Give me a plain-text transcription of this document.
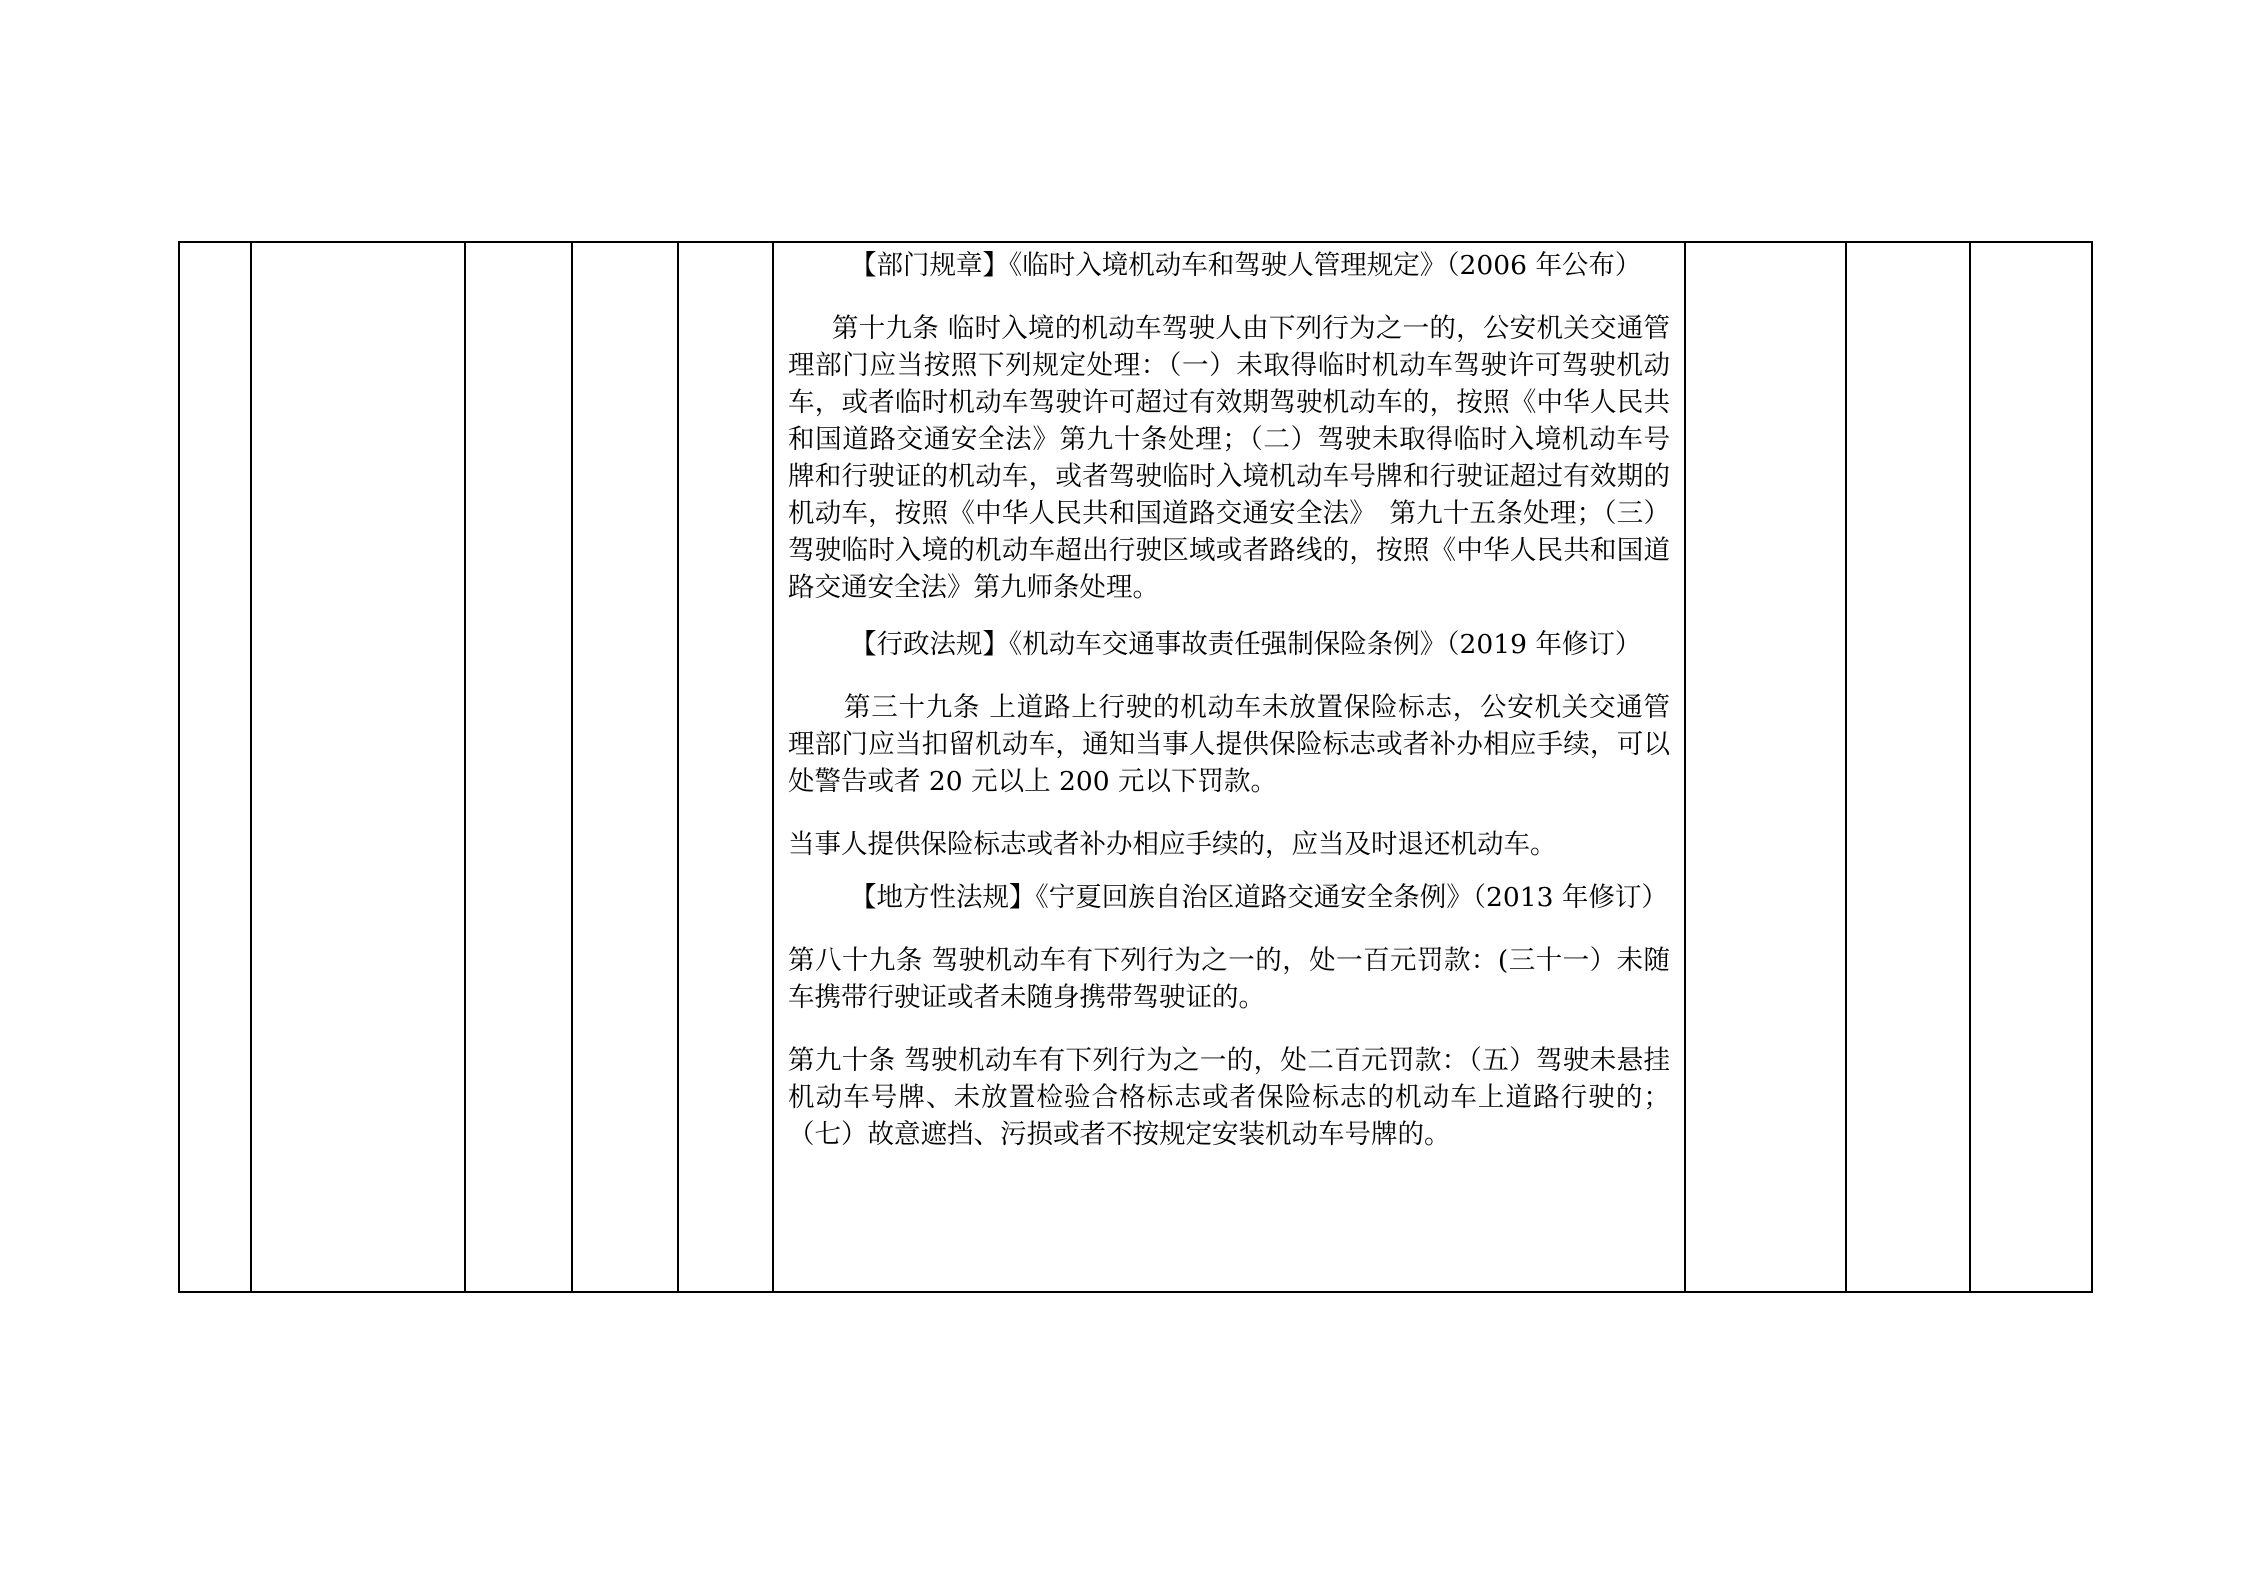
【部门规章】《临时入境机动车和驾驶人管理规定》（2006 年公布）

第十九条 临时入境的机动车驾驶人由下列行为之一的，公安机关交通管理部门应当按照下列规定处理：（一）未取得临时机动车驾驶许可驾驶机动车，或者临时机动车驾驶许可超过有效期驾驶机动车的，按照《中华人民共和国道路交通安全法》第九十条处理；（二）驾驶未取得临时入境机动车号牌和行驶证的机动车，或者驾驶临时入境机动车号牌和行驶证超过有效期的机动车，按照《中华人民共和国道路交通安全法》　第九十五条处理；（三）驾驶临时入境的机动车超出行驶区域或者路线的，按照《中华人民共和国道路交通安全法》第九师条处理。

【行政法规】《机动车交通事故责任强制保险条例》（2019 年修订）

第三十九条 上道路上行驶的机动车未放置保险标志，公安机关交通管理部门应当扣留机动车，通知当事人提供保险标志或者补办相应手续，可以处警告或者 20 元以上 200 元以下罚款。

当事人提供保险标志或者补办相应手续的，应当及时退还机动车。

【地方性法规】《宁夏回族自治区道路交通安全条例》（2013 年修订）

第八十九条 驾驶机动车有下列行为之一的，处一百元罚款：(三十一）未随车携带行驶证或者未随身携带驾驶证的。

第九十条 驾驶机动车有下列行为之一的，处二百元罚款：（五）驾驶未悬挂机动车号牌、未放置检验合格标志或者保险标志的机动车上道路行驶的；（七）故意遮挡、污损或者不按规定安装机动车号牌的。
